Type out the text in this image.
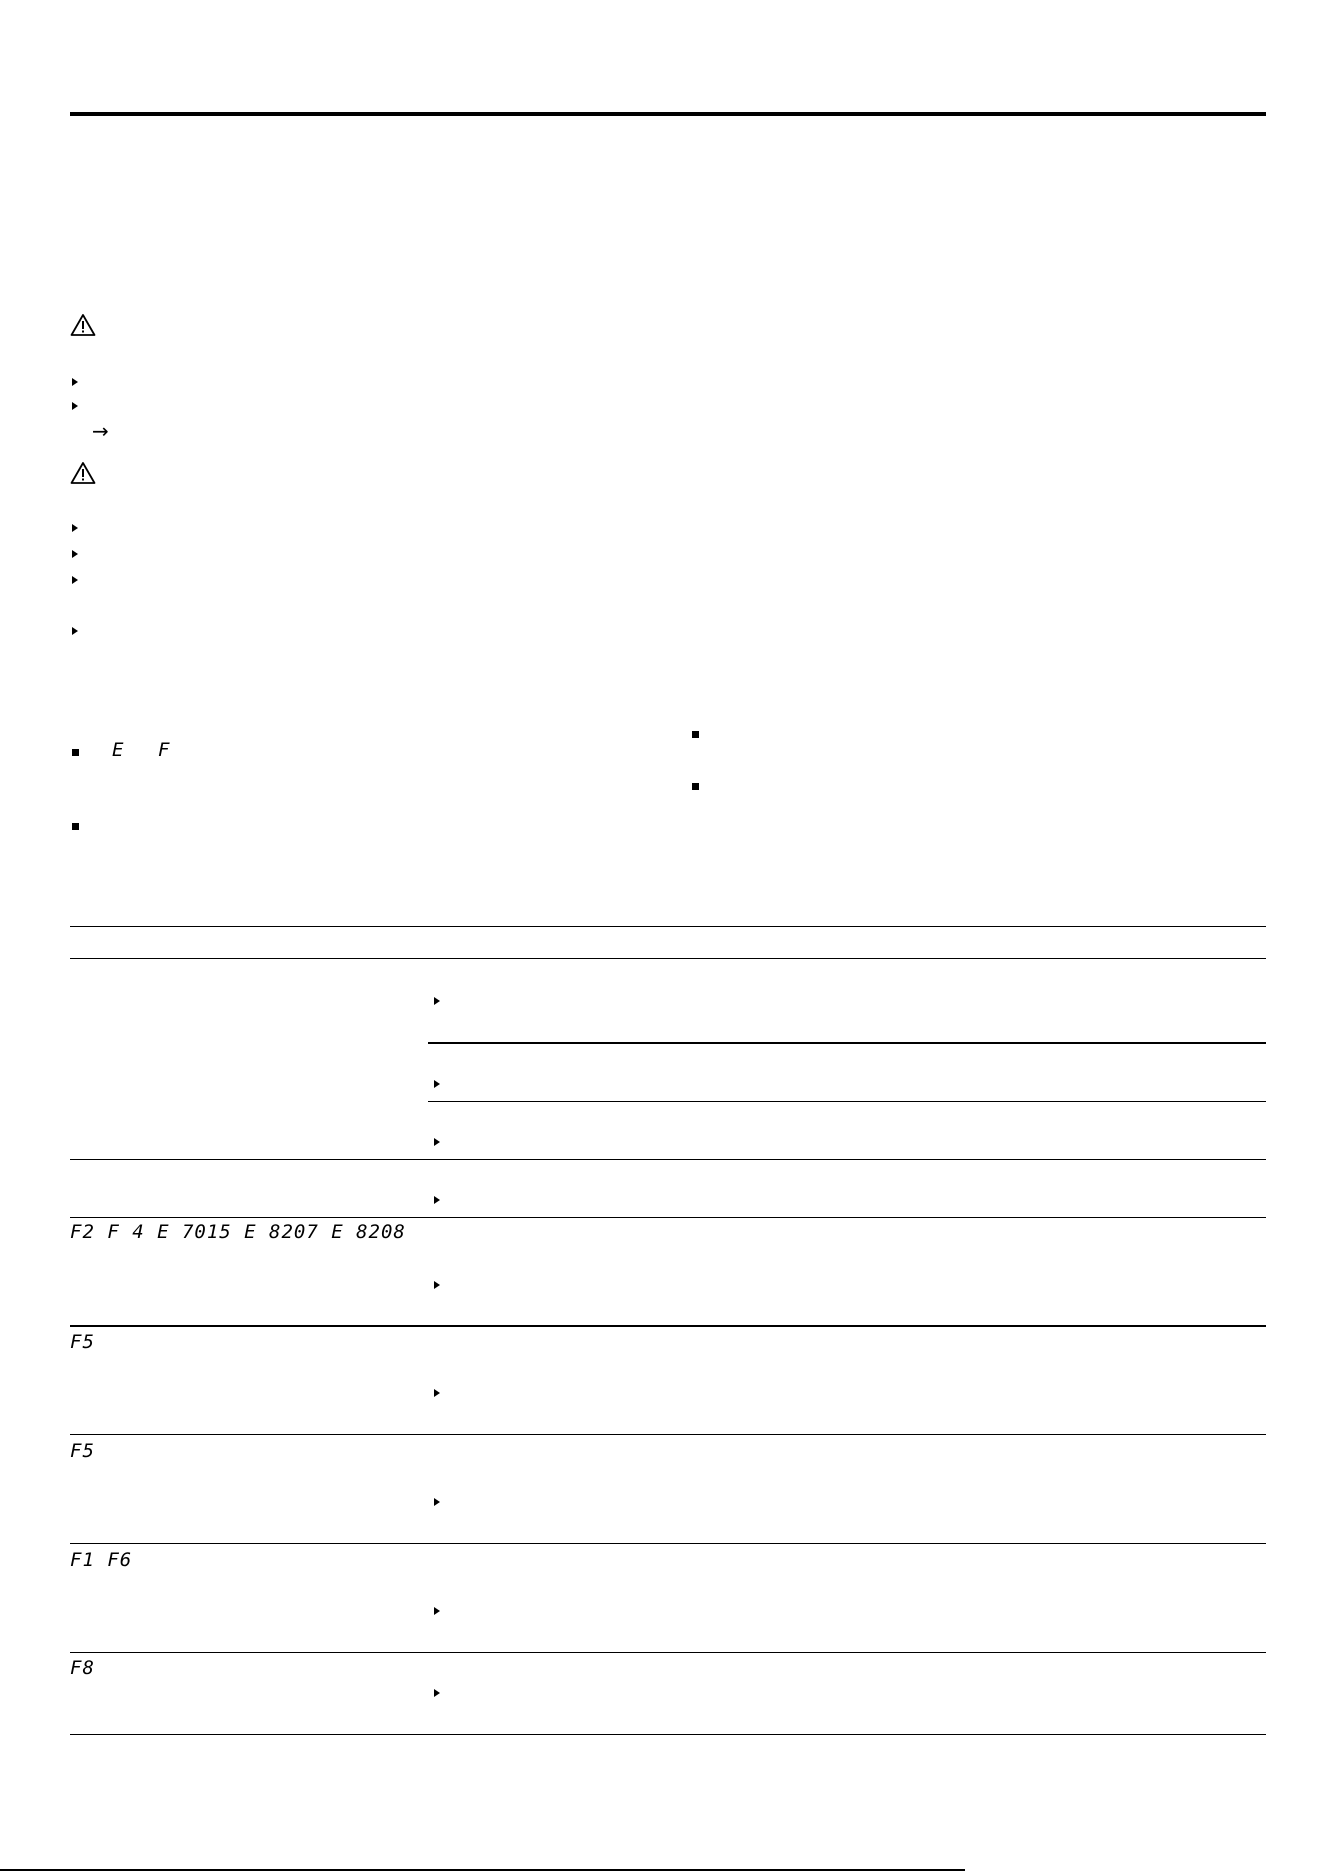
→
E F
F2 F 4 E 7015 E 8207 E 8208
F5
F5
F1 F6
F8
